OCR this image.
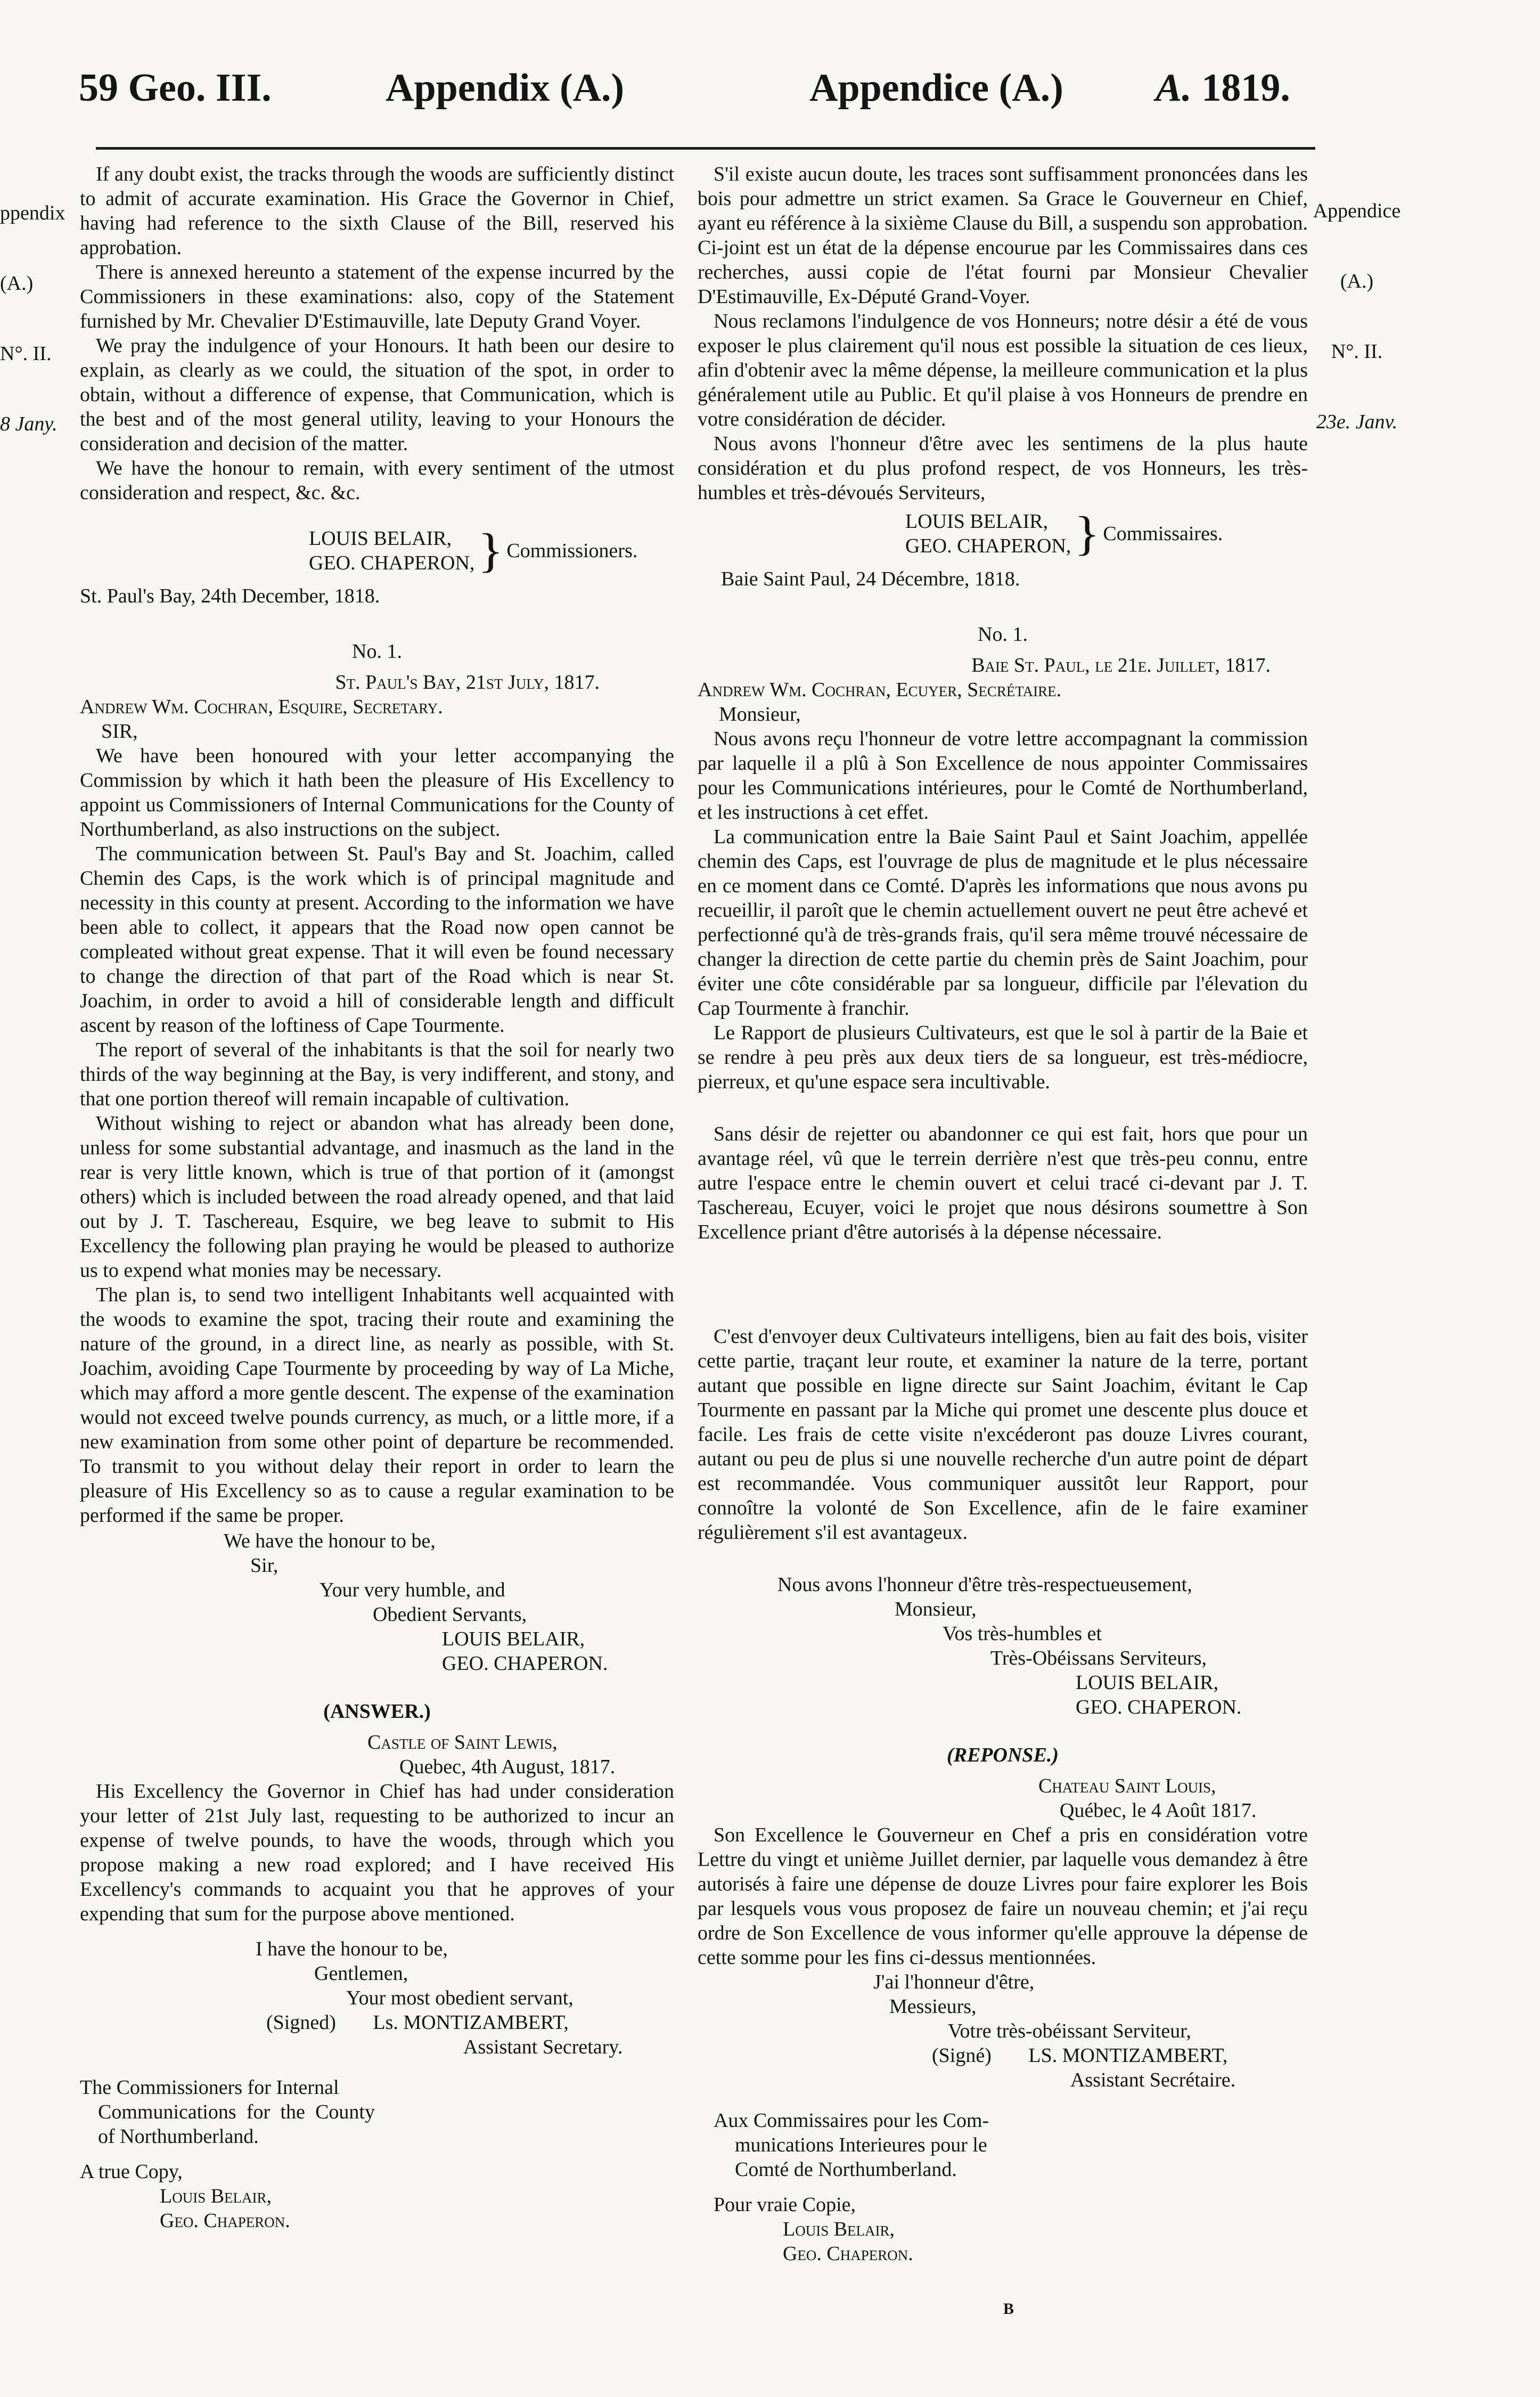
59 Geo. III.	Appendix (A.)	Appendice (A.) A. 1819.

ppendix

(A.)

N°. II.

8 Jany.

Appendice

(A.)

N°. II.

23e. Janv.

If any doubt exist, the tracks through the woods are sufficiently distinct to admit of accurate examination. His Grace the Governor in Chief, having had reference to the sixth Clause of the Bill, reserved his approbation.

There is annexed hereunto a statement of the expense incurred by the Commissioners in these examinations: also, copy of the Statement furnished by Mr. Chevalier D'Estimauville, late Deputy Grand Voyer.

We pray the indulgence of your Honours. It hath been our desire to explain, as clearly as we could, the situation of the spot, in order to obtain, without a difference of expense, that Communication, which is the best and of the most general utility, leaving to your Honours the consideration and decision of the matter.

We have the honour to remain, with every sentiment of the utmost consideration and respect, &c. &c.

LOUIS BELAIR,
GEO. CHAPERON, } Commissioners.

St. Paul's Bay, 24th December, 1818.

No. 1.

St. Paul's Bay, 21st July, 1817.

Andrew Wm. Cochran, Esquire, Secretary.

SIR,

We have been honoured with your letter accompanying the Commission by which it hath been the pleasure of His Excellency to appoint us Commissioners of Internal Communications for the County of Northumberland, as also instructions on the subject.

The communication between St. Paul's Bay and St. Joachim, called Chemin des Caps, is the work which is of principal magnitude and necessity in this county at present. According to the information we have been able to collect, it appears that the Road now open cannot be compleated without great expense. That it will even be found necessary to change the direction of that part of the Road which is near St. Joachim, in order to avoid a hill of considerable length and difficult ascent by reason of the loftiness of Cape Tourmente.

The report of several of the inhabitants is that the soil for nearly two thirds of the way beginning at the Bay, is very indifferent, and stony, and that one portion thereof will remain incapable of cultivation.

Without wishing to reject or abandon what has already been done, unless for some substantial advantage, and inasmuch as the land in the rear is very little known, which is true of that portion of it (amongst others) which is included between the road already opened, and that laid out by J. T. Taschereau, Esquire, we beg leave to submit to His Excellency the following plan praying he would be pleased to authorize us to expend what monies may be necessary.

The plan is, to send two intelligent Inhabitants well acquainted with the woods to examine the spot, tracing their route and examining the nature of the ground, in a direct line, as nearly as possible, with St. Joachim, avoiding Cape Tourmente by proceeding by way of La Miche, which may afford a more gentle descent. The expense of the examination would not exceed twelve pounds currency, as much, or a little more, if a new examination from some other point of departure be recommended. To transmit to you without delay their report in order to learn the pleasure of His Excellency so as to cause a regular examination to be performed if the same be proper.

We have the honour to be,
Sir,
Your very humble, and
Obedient Servants,
LOUIS BELAIR,
GEO. CHAPERON.

(ANSWER.)

Castle of Saint Lewis,

Quebec, 4th August, 1817.

His Excellency the Governor in Chief has had under consideration your letter of 21st July last, requesting to be authorized to incur an expense of twelve pounds, to have the woods, through which you propose making a new road explored; and I have received His Excellency's commands to acquaint you that he approves of your expending that sum for the purpose above mentioned.

I have the honour to be,
Gentlemen,
Your most obedient servant,
(Signed) Ls. MONTIZAMBERT,
Assistant Secretary.
The Commissioners for Internal
Communications for the County of Northumberland.
A true Copy,
Louis Belair,
Geo. Chaperon.

S'il existe aucun doute, les traces sont suffisamment prononcées dans les bois pour admettre un strict examen. Sa Grace le Gouverneur en Chief, ayant eu référence à la sixième Clause du Bill, a suspendu son approbation. Ci-joint est un état de la dépense encourue par les Commissaires dans ces recherches, aussi copie de l'état fourni par Monsieur Chevalier D'Estimauville, Ex-Député Grand-Voyer.

Nous reclamons l'indulgence de vos Honneurs; notre désir a été de vous exposer le plus clairement qu'il nous est possible la situation de ces lieux, afin d'obtenir avec la même dépense, la meilleure communication et la plus généralement utile au Public. Et qu'il plaise à vos Honneurs de prendre en votre considération de décider.

Nous avons l'honneur d'être avec les sentimens de la plus haute considération et du plus profond respect, de vos Honneurs, les très-humbles et très-dévoués Serviteurs,

LOUIS BELAIR,
GEO. CHAPERON, } Commissaires.

Baie Saint Paul, 24 Décembre, 1818.

No. 1.

Baie St. Paul, le 21e. Juillet, 1817.

Andrew Wm. Cochran, Ecuyer, Secrétaire.

Monsieur,

Nous avons reçu l'honneur de votre lettre accompagnant la commission par laquelle il a plû à Son Excellence de nous appointer Commissaires pour les Communications intérieures, pour le Comté de Northumberland, et les instructions à cet effet.

La communication entre la Baie Saint Paul et Saint Joachim, appellée chemin des Caps, est l'ouvrage de plus de magnitude et le plus nécessaire en ce moment dans ce Comté. D'après les informations que nous avons pu recueillir, il paroît que le chemin actuellement ouvert ne peut être achevé et perfectionné qu'à de très-grands frais, qu'il sera même trouvé nécessaire de changer la direction de cette partie du chemin près de Saint Joachim, pour éviter une côte considérable par sa longueur, difficile par l'élevation du Cap Tourmente à franchir.

Le Rapport de plusieurs Cultivateurs, est que le sol à partir de la Baie et se rendre à peu près aux deux tiers de sa longueur, est très-médiocre, pierreux, et qu'une espace sera incultivable.

Sans désir de rejetter ou abandonner ce qui est fait, hors que pour un avantage réel, vû que le terrein derrière n'est que très-peu connu, entre autre l'espace entre le chemin ouvert et celui tracé ci-devant par J. T. Taschereau, Ecuyer, voici le projet que nous désirons soumettre à Son Excellence priant d'être autorisés à la dépense nécessaire.

C'est d'envoyer deux Cultivateurs intelligens, bien au fait des bois, visiter cette partie, traçant leur route, et examiner la nature de la terre, portant autant que possible en ligne directe sur Saint Joachim, évitant le Cap Tourmente en passant par la Miche qui promet une descente plus douce et facile. Les frais de cette visite n'excéderont pas douze Livres courant, autant ou peu de plus si une nouvelle recherche d'un autre point de départ est recommandée. Vous communiquer aussitôt leur Rapport, pour connoître la volonté de Son Excellence, afin de le faire examiner régulièrement s'il est avantageux.

Nous avons l'honneur d'être très-respectueusement,
Monsieur,
Vos très-humbles et
Très-Obéissans Serviteurs,
LOUIS BELAIR,
GEO. CHAPERON.

(REPONSE.)

Chateau Saint Louis,

Québec, le 4 Août 1817.

Son Excellence le Gouverneur en Chef a pris en considération votre Lettre du vingt et unième Juillet dernier, par laquelle vous demandez à être autorisés à faire une dépense de douze Livres pour faire explorer les Bois par lesquels vous vous proposez de faire un nouveau chemin; et j'ai reçu ordre de Son Excellence de vous informer qu'elle approuve la dépense de cette somme pour les fins ci-dessus mentionnées.

J'ai l'honneur d'être,
Messieurs,
Votre très-obéissant Serviteur,
(Signé) LS. MONTIZAMBERT,
Assistant Secrétaire.
Aux Commissaires pour les Com-
munications Interieures pour le
Comté de Northumberland.
Pour vraie Copie,
Louis Belair,
Geo. Chaperon.
B
